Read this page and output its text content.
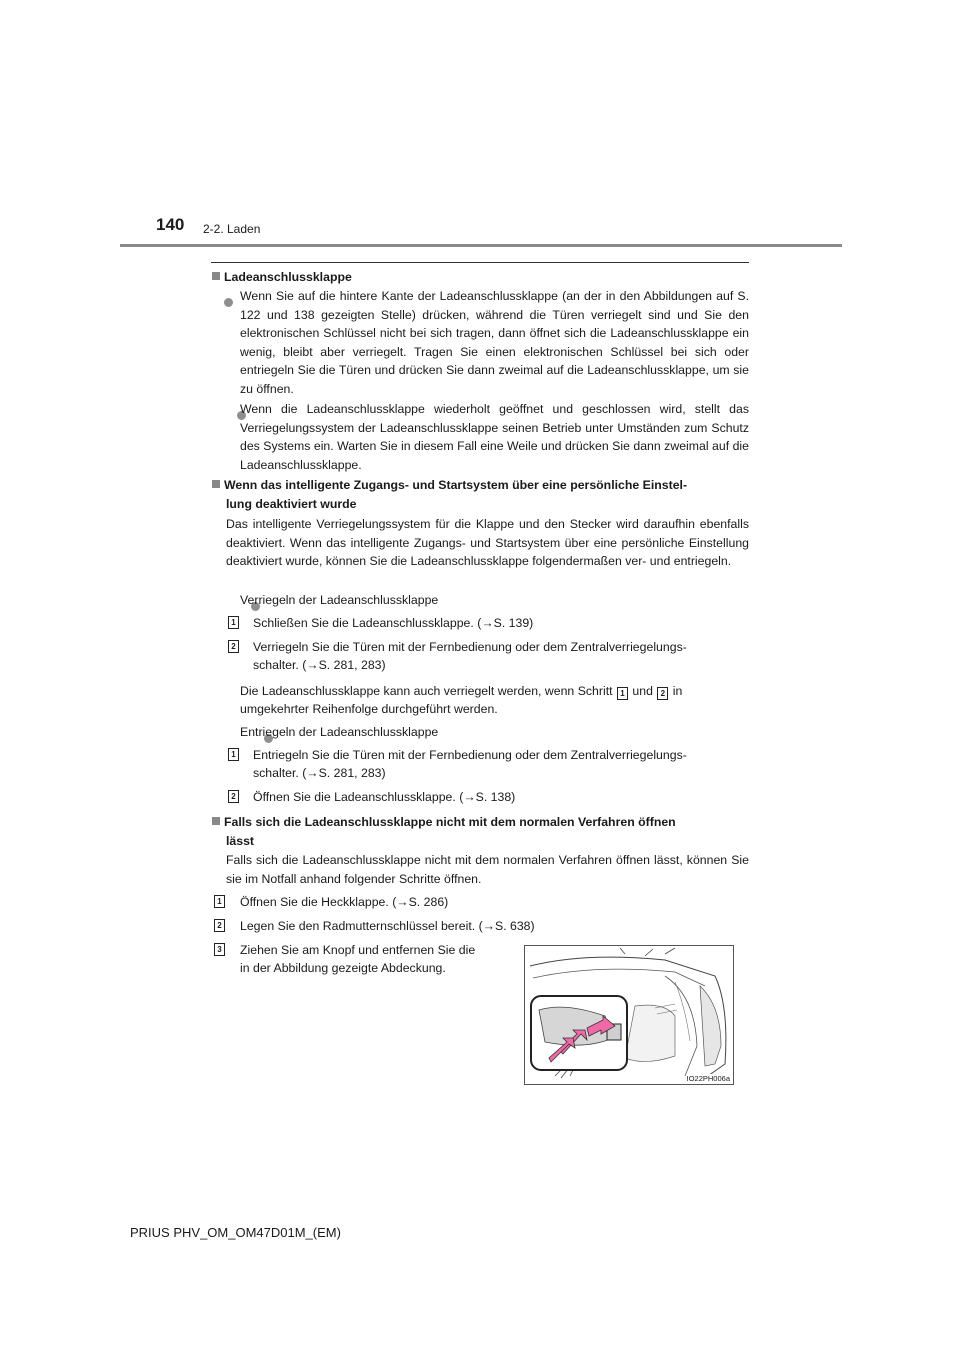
140 2-2. Laden
Ladeanschlussklappe

Wenn Sie auf die hintere Kante der Ladeanschlussklappe (an der in den Abbildungen auf S. 122 und 138 gezeigten Stelle) drücken, während die Türen verriegelt sind und Sie den elektronischen Schlüssel nicht bei sich tragen, dann öffnet sich die Ladeanschlussklappe ein wenig, bleibt aber verriegelt. Tragen Sie einen elektronischen Schlüssel bei sich oder entriegeln Sie die Türen und drücken Sie dann zweimal auf die Ladeanschlussklappe, um sie zu öffnen.

Wenn die Ladeanschlussklappe wiederholt geöffnet und geschlossen wird, stellt das Verriegelungssystem der Ladeanschlussklappe seinen Betrieb unter Umständen zum Schutz des Systems ein. Warten Sie in diesem Fall eine Weile und drücken Sie dann zweimal auf die Ladeanschlussklappe.
Wenn das intelligente Zugangs- und Startsystem über eine persönliche Einstel-
lung deaktiviert wurde
Das intelligente Verriegelungssystem für die Klappe und den Stecker wird daraufhin ebenfalls deaktiviert. Wenn das intelligente Zugangs- und Startsystem über eine persönliche Einstellung deaktiviert wurde, können Sie die Ladeanschlussklappe folgendermaßen ver- und entriegeln.

Verriegeln der Ladeanschlussklappe
1 Schließen Sie die Ladeanschlussklappe. (→S. 139)
2 Verriegeln Sie die Türen mit der Fernbedienung oder dem Zentralverriegelungs-
schalter. (→S. 281, 283)
Die Ladeanschlussklappe kann auch verriegelt werden, wenn Schritt 1 und 2 in
umgekehrter Reihenfolge durchgeführt werden.
Entriegeln der Ladeanschlussklappe
1 Entriegeln Sie die Türen mit der Fernbedienung oder dem Zentralverriegelungs-
schalter. (→S. 281, 283)
2 Öffnen Sie die Ladeanschlussklappe. (→S. 138)
Falls sich die Ladeanschlussklappe nicht mit dem normalen Verfahren öffnen
lässt
Falls sich die Ladeanschlussklappe nicht mit dem normalen Verfahren öffnen lässt, können Sie sie im Notfall anhand folgender Schritte öffnen.
1 Öffnen Sie die Heckklappe. (→S. 286)
2 Legen Sie den Radmutternschlüssel bereit. (→S. 638)
3 Ziehen Sie am Knopf und entfernen Sie die
in der Abbildung gezeigte Abdeckung.
IO22PH006a
PRIUS PHV_OM_OM47D01M_(EM)
